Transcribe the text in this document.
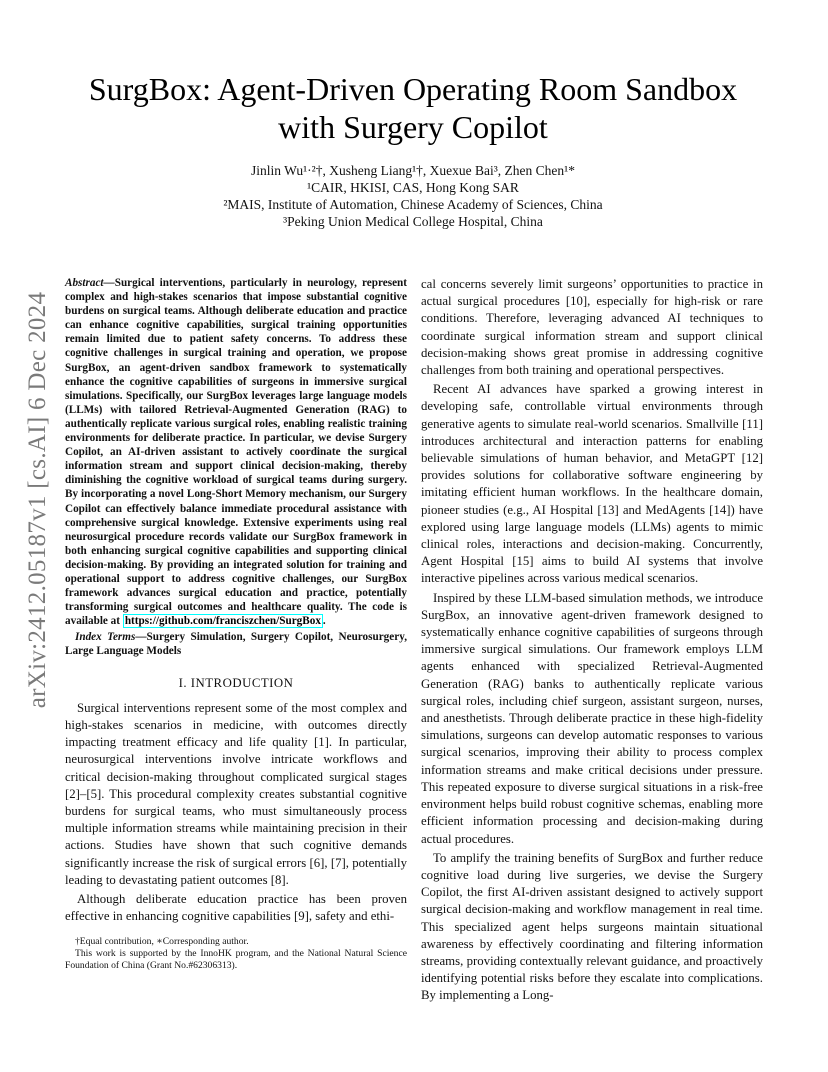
arXiv:2412.05187v1 [cs.AI] 6 Dec 2024
SurgBox: Agent-Driven Operating Room Sandbox
with Surgery Copilot
Jinlin Wu¹·²†, Xusheng Liang¹†, Xuexue Bai³, Zhen Chen¹*
¹CAIR, HKISI, CAS, Hong Kong SAR
²MAIS, Institute of Automation, Chinese Academy of Sciences, China
³Peking Union Medical College Hospital, China

Abstract—Surgical interventions, particularly in neurology, represent complex and high-stakes scenarios that impose substantial cognitive burdens on surgical teams. Although deliberate education and practice can enhance cognitive capabilities, surgical training opportunities remain limited due to patient safety concerns. To address these cognitive challenges in surgical training and operation, we propose SurgBox, an agent-driven sandbox framework to systematically enhance the cognitive capabilities of surgeons in immersive surgical simulations. Specifically, our SurgBox leverages large language models (LLMs) with tailored Retrieval-Augmented Generation (RAG) to authentically replicate various surgical roles, enabling realistic training environments for deliberate practice. In particular, we devise Surgery Copilot, an AI-driven assistant to actively coordinate the surgical information stream and support clinical decision-making, thereby diminishing the cognitive workload of surgical teams during surgery. By incorporating a novel Long-Short Memory mechanism, our Surgery Copilot can effectively balance immediate procedural assistance with comprehensive surgical knowledge. Extensive experiments using real neurosurgical procedure records validate our SurgBox framework in both enhancing surgical cognitive capabilities and supporting clinical decision-making. By providing an integrated solution for training and operational support to address cognitive challenges, our SurgBox framework advances surgical education and practice, potentially transforming surgical outcomes and healthcare quality. The code is available at https://github.com/franciszchen/SurgBox .

Index Terms—Surgery Simulation, Surgery Copilot, Neurosurgery, Large Language Models

I. INTRODUCTION

Surgical interventions represent some of the most complex and high-stakes scenarios in medicine, with outcomes directly impacting treatment efficacy and life quality [1]. In particular, neurosurgical interventions involve intricate workflows and critical decision-making throughout complicated surgical stages [2]–[5]. This procedural complexity creates substantial cognitive burdens for surgical teams, who must simultaneously process multiple information streams while maintaining precision in their actions. Studies have shown that such cognitive demands significantly increase the risk of surgical errors [6], [7], potentially leading to devastating patient outcomes [8].

Although deliberate education practice has been proven effective in enhancing cognitive capabilities [9], safety and ethi-

cal concerns severely limit surgeons’ opportunities to practice in actual surgical procedures [10], especially for high-risk or rare conditions. Therefore, leveraging advanced AI techniques to coordinate surgical information stream and support clinical decision-making shows great promise in addressing cognitive challenges from both training and operational perspectives.

Recent AI advances have sparked a growing interest in developing safe, controllable virtual environments through generative agents to simulate real-world scenarios. Smallville [11] introduces architectural and interaction patterns for enabling believable simulations of human behavior, and MetaGPT [12] provides solutions for collaborative software engineering by imitating efficient human workflows. In the healthcare domain, pioneer studies (e.g., AI Hospital [13] and MedAgents [14]) have explored using large language models (LLMs) agents to mimic clinical roles, interactions and decision-making. Concurrently, Agent Hospital [15] aims to build AI systems that involve interactive pipelines across various medical scenarios.

Inspired by these LLM-based simulation methods, we introduce SurgBox, an innovative agent-driven framework designed to systematically enhance cognitive capabilities of surgeons through immersive surgical simulations. Our framework employs LLM agents enhanced with specialized Retrieval-Augmented Generation (RAG) banks to authentically replicate various surgical roles, including chief surgeon, assistant surgeon, nurses, and anesthetists. Through deliberate practice in these high-fidelity simulations, surgeons can develop automatic responses to various surgical scenarios, improving their ability to process complex information streams and make critical decisions under pressure. This repeated exposure to diverse surgical situations in a risk-free environment helps build robust cognitive schemas, enabling more efficient information processing and decision-making during actual procedures.

To amplify the training benefits of SurgBox and further reduce cognitive load during live surgeries, we devise the Surgery Copilot, the first AI-driven assistant designed to actively support surgical decision-making and workflow management in real time. This specialized agent helps surgeons maintain situational awareness by effectively coordinating and filtering information streams, providing contextually relevant guidance, and proactively identifying potential risks before they escalate into complications. By implementing a Long-

†Equal contribution, ∗Corresponding author.

This work is supported by the InnoHK program, and the National Natural Science Foundation of China (Grant No.#62306313).
